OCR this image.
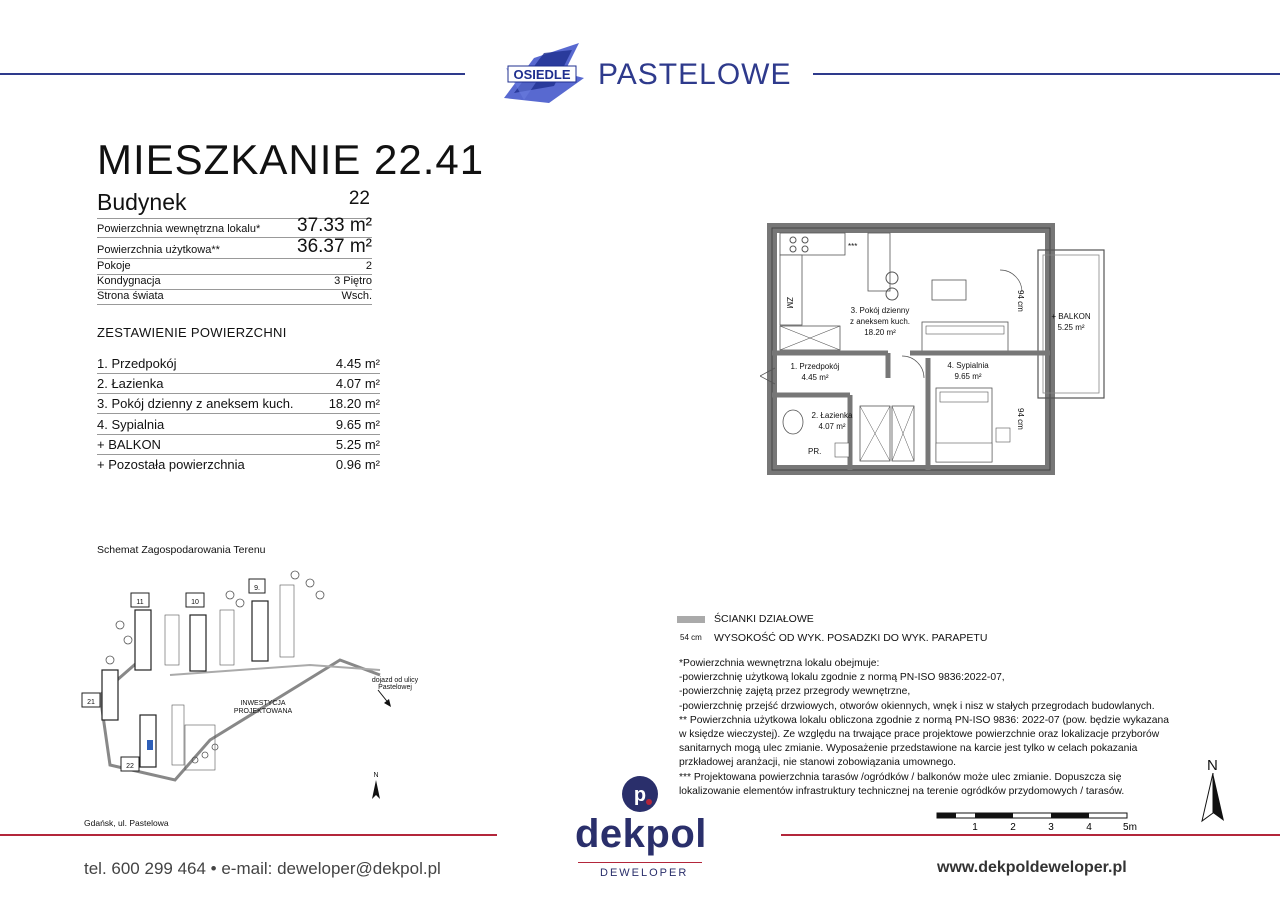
OSIEDLE PASTELOWE
MIESZKANIE 22.41
Budynek	22
Powierzchnia wewnętrzna lokalu* 37.33 m²
Powierzchnia użytkowa**	36.37 m²
Pokoje	2
Kondygnacja	3 Piętro
Strona świata	Wsch.
ZESTAWIENIE POWIERZCHNI
1. Przedpokój	4.45 m²
2. Łazienka	4.07 m²
3. Pokój dzienny z aneksem kuch.	18.20 m²
4. Sypialnia	9.65 m²
+ BALKON	5.25 m²
+ Pozostała powierzchnia	0.96 m²
***
ZM
PR.
94 cm
94 cm
3. Pokój dzienny
z aneksem kuch.
18.20 m²
1. Przedpokój
4.45 m²
4. Sypialnia
9.65 m²
2. Łazienka
4.07 m²
+ BALKON
5.25 m²
Schemat Zagospodarowania Terenu
11	10
9.
21
22
INWESTYCJA
PROJEKTOWANA
dojazd od ulicy
Pastelowej
N
Gdańsk, ul. Pastelowa
ŚCIANKI DZIAŁOWE
54 cm WYSOKOŚĆ OD WYK. POSADZKI DO WYK. PARAPETU
*Powierzchnia wewnętrzna lokalu obejmuje:
-powierzchnię użytkową lokalu zgodnie z normą PN-ISO 9836:2022-07,
-powierzchnię zajętą przez przegrody wewnętrzne,
-powierzchnię przejść drzwiowych, otworów okiennych, wnęk i nisz w stałych przegrodach budowlanych.
** Powierzchnia użytkowa lokalu obliczona zgodnie z normą PN-ISO 9836: 2022-07 (pow. będzie wykazana
w księdze wieczystej). Ze względu na trwające prace projektowe powierzchnie oraz lokalizacje przyborów
sanitarnych mogą ulec zmianie. Wyposażenie przedstawione na karcie jest tylko w celach pokazania
przkładowej aranżacji, nie stanowi zobowiązania umownego.
*** Projektowana powierzchnia tarasów /ogródków / balkonów może ulec zmianie. Dopuszcza się
lokalizowanie elementów infrastruktury technicznej na terenie ogródków przydomowych / tarasów.
N
1	2	3	4	5m
tel. 600 299 464 • e-mail: deweloper@dekpol.pl
p
dekpol
DEWELOPER	www.dekpoldeweloper.pl
